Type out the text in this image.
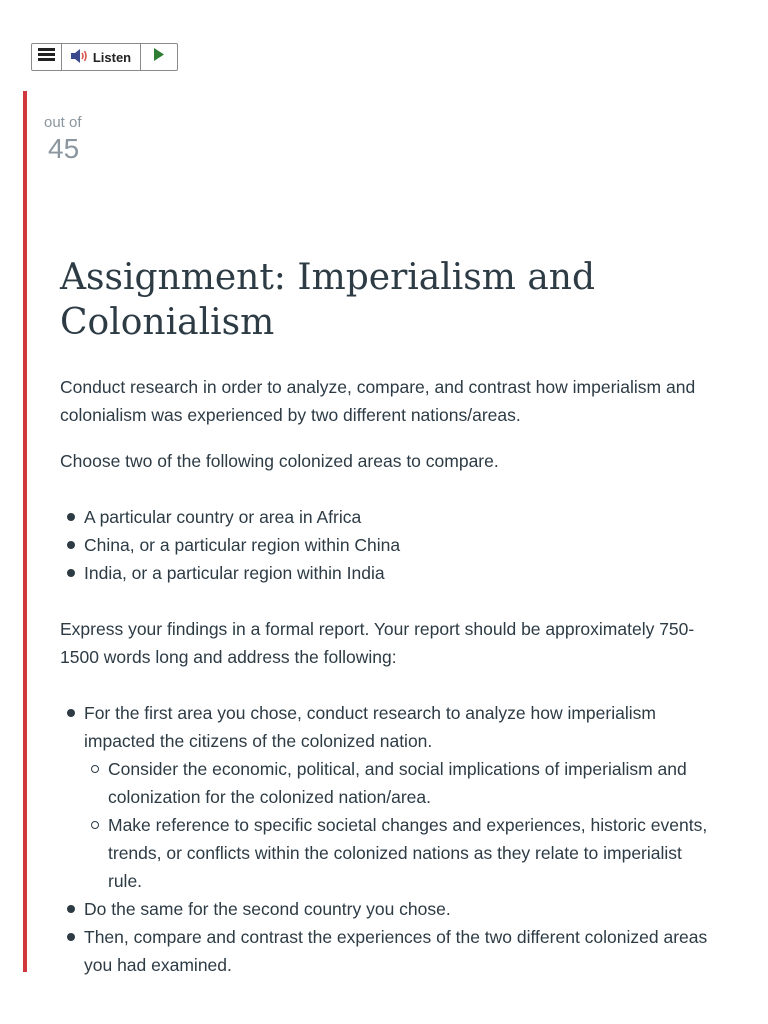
Listen
out of
45
Assignment: Imperialism and Colonialism

Conduct research in order to analyze, compare, and contrast how imperialism and colonialism was experienced by two different nations/areas.

Choose two of the following colonized areas to compare.

A particular country or area in Africa
China, or a particular region within China
India, or a particular region within India

Express your findings in a formal report. Your report should be approximately 750-1500 words long and address the following:

For the first area you chose, conduct research to analyze how imperialism impacted the citizens of the colonized nation.
Consider the economic, political, and social implications of imperialism and colonization for the colonized nation/area.
Make reference to specific societal changes and experiences, historic events, trends, or conflicts within the colonized nations as they relate to imperialist rule.
Do the same for the second country you chose.
Then, compare and contrast the experiences of the two different colonized areas you had examined.
